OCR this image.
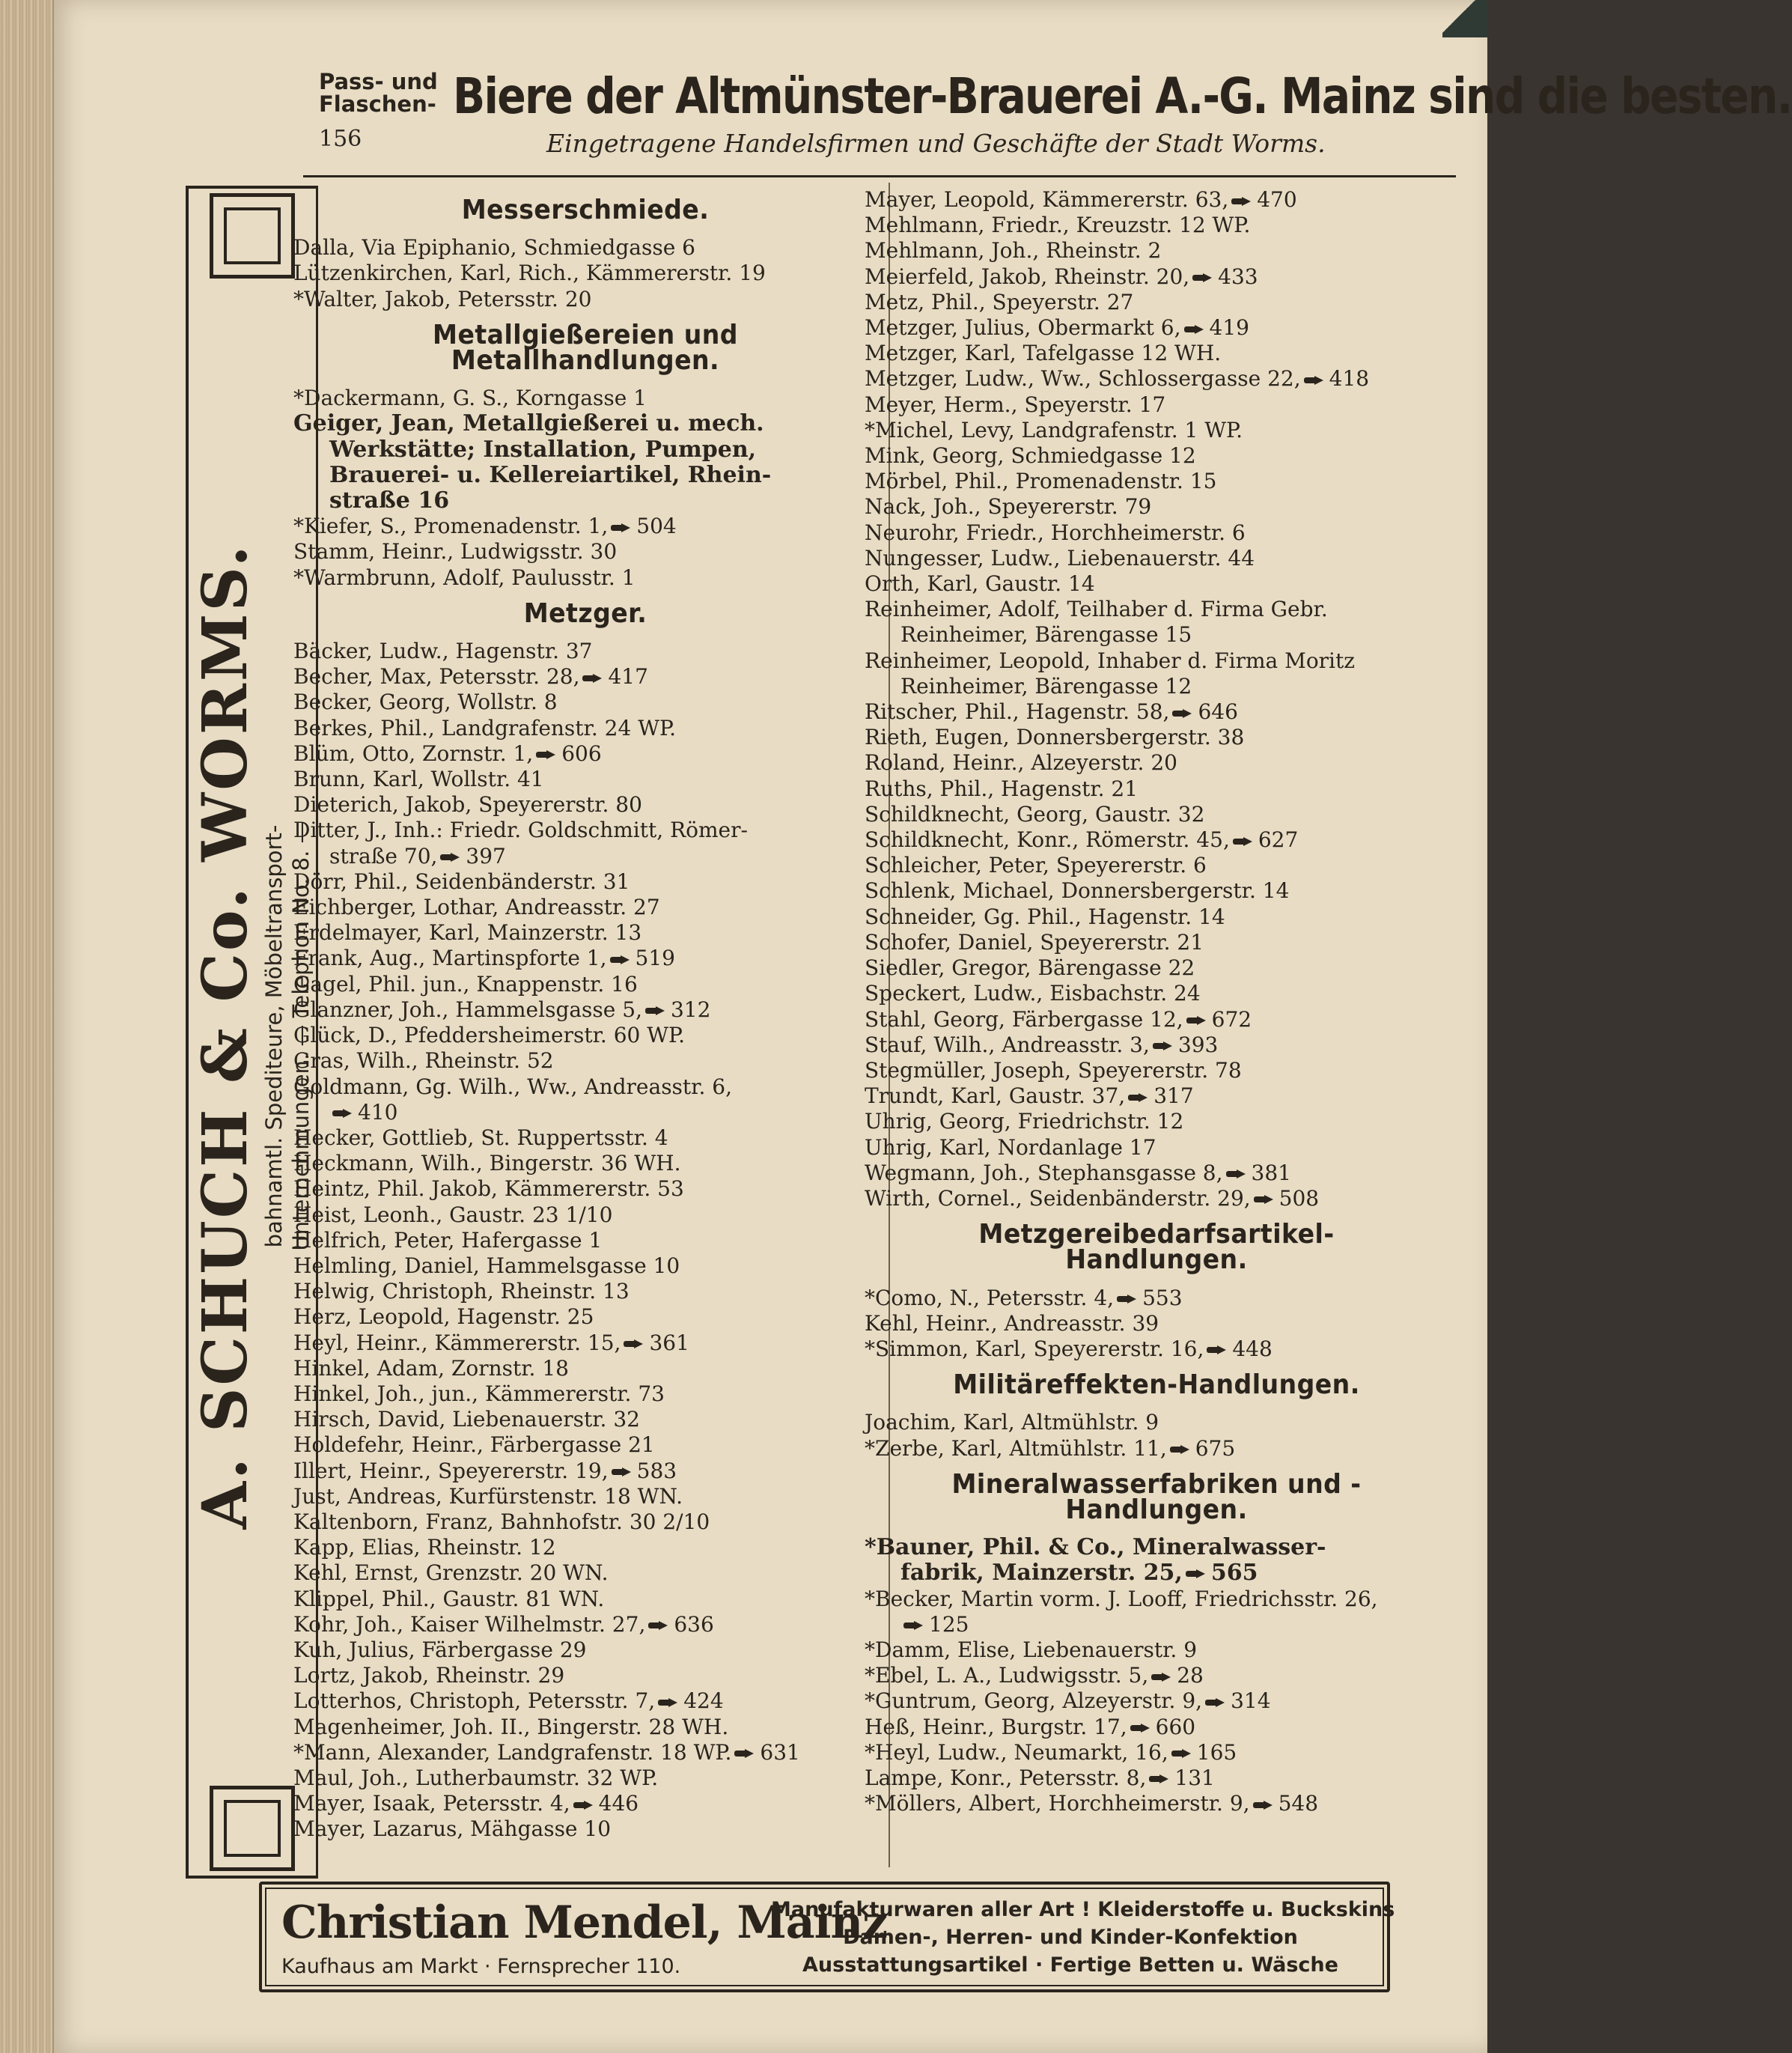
Pass- und Flaschen-
156
Biere der Altmünster-Brauerei A.-G. Mainz sind die besten.
Eingetragene Handelsfirmen und Geschäfte der Stadt Worms.
A. SCHUCH & Co. WORMS. bahnamtl. Spediteure, Möbeltransport- Unternehmungen. — Telephon No. 8. —
Messerschmiede.
Dalla, Via Epiphanio, Schmiedgasse 6
Lützenkirchen, Karl, Rich., Kämmererstr. 19
*Walter, Jakob, Petersstr. 20
Metallgießereien und Metallhandlungen.
*Dackermann, G. S., Korngasse 1
Geiger, Jean, Metallgießerei u. mech.
Werkstätte; Installation, Pumpen,
Brauerei- u. Kellereiartikel, Rhein-
straße 16
*Kiefer, S., Promenadenstr. 1, 504
Stamm, Heinr., Ludwigsstr. 30
*Warmbrunn, Adolf, Paulusstr. 1
Metzger.
Bäcker, Ludw., Hagenstr. 37
Becher, Max, Petersstr. 28, 417
Becker, Georg, Wollstr. 8
Berkes, Phil., Landgrafenstr. 24 WP.
Blüm, Otto, Zornstr. 1, 606
Brunn, Karl, Wollstr. 41
Dieterich, Jakob, Speyererstr. 80
Ditter, J., Inh.: Friedr. Goldschmitt, Römer-
straße 70, 397
Dörr, Phil., Seidenbänderstr. 31
Eichberger, Lothar, Andreasstr. 27
Erdelmayer, Karl, Mainzerstr. 13
Frank, Aug., Martinspforte 1, 519
Gagel, Phil. jun., Knappenstr. 16
Glanzner, Joh., Hammelsgasse 5, 312
Glück, D., Pfeddersheimerstr. 60 WP.
Gras, Wilh., Rheinstr. 52
Goldmann, Gg. Wilh., Ww., Andreasstr. 6,
410
Hecker, Gottlieb, St. Ruppertsstr. 4
Heckmann, Wilh., Bingerstr. 36 WH.
Heintz, Phil. Jakob, Kämmererstr. 53
Heist, Leonh., Gaustr. 23 1/10
Helfrich, Peter, Hafergasse 1
Helmling, Daniel, Hammelsgasse 10
Helwig, Christoph, Rheinstr. 13
Herz, Leopold, Hagenstr. 25
Heyl, Heinr., Kämmererstr. 15, 361
Hinkel, Adam, Zornstr. 18
Hinkel, Joh., jun., Kämmererstr. 73
Hirsch, David, Liebenauerstr. 32
Holdefehr, Heinr., Färbergasse 21
Illert, Heinr., Speyererstr. 19, 583
Just, Andreas, Kurfürstenstr. 18 WN.
Kaltenborn, Franz, Bahnhofstr. 30 2/10
Kapp, Elias, Rheinstr. 12
Kehl, Ernst, Grenzstr. 20 WN.
Klippel, Phil., Gaustr. 81 WN.
Kohr, Joh., Kaiser Wilhelmstr. 27, 636
Kuh, Julius, Färbergasse 29
Lortz, Jakob, Rheinstr. 29
Lotterhos, Christoph, Petersstr. 7, 424
Magenheimer, Joh. II., Bingerstr. 28 WH.
*Mann, Alexander, Landgrafenstr. 18 WP. 631
Maul, Joh., Lutherbaumstr. 32 WP.
Mayer, Isaak, Petersstr. 4, 446
Mayer, Lazarus, Mähgasse 10
Mayer, Leopold, Kämmererstr. 63, 470
Mehlmann, Friedr., Kreuzstr. 12 WP.
Mehlmann, Joh., Rheinstr. 2
Meierfeld, Jakob, Rheinstr. 20, 433
Metz, Phil., Speyerstr. 27
Metzger, Julius, Obermarkt 6, 419
Metzger, Karl, Tafelgasse 12 WH.
Metzger, Ludw., Ww., Schlossergasse 22, 418
Meyer, Herm., Speyerstr. 17
*Michel, Levy, Landgrafenstr. 1 WP.
Mink, Georg, Schmiedgasse 12
Mörbel, Phil., Promenadenstr. 15
Nack, Joh., Speyererstr. 79
Neurohr, Friedr., Horchheimerstr. 6
Nungesser, Ludw., Liebenauerstr. 44
Orth, Karl, Gaustr. 14
Reinheimer, Adolf, Teilhaber d. Firma Gebr.
Reinheimer, Bärengasse 15
Reinheimer, Leopold, Inhaber d. Firma Moritz
Reinheimer, Bärengasse 12
Ritscher, Phil., Hagenstr. 58, 646
Rieth, Eugen, Donnersbergerstr. 38
Roland, Heinr., Alzeyerstr. 20
Ruths, Phil., Hagenstr. 21
Schildknecht, Georg, Gaustr. 32
Schildknecht, Konr., Römerstr. 45, 627
Schleicher, Peter, Speyererstr. 6
Schlenk, Michael, Donnersbergerstr. 14
Schneider, Gg. Phil., Hagenstr. 14
Schofer, Daniel, Speyererstr. 21
Siedler, Gregor, Bärengasse 22
Speckert, Ludw., Eisbachstr. 24
Stahl, Georg, Färbergasse 12, 672
Stauf, Wilh., Andreasstr. 3, 393
Stegmüller, Joseph, Speyererstr. 78
Trundt, Karl, Gaustr. 37, 317
Uhrig, Georg, Friedrichstr. 12
Uhrig, Karl, Nordanlage 17
Wegmann, Joh., Stephansgasse 8, 381
Wirth, Cornel., Seidenbänderstr. 29, 508
Metzgereibedarfsartikel-Handlungen.
*Como, N., Petersstr. 4, 553
Kehl, Heinr., Andreasstr. 39
*Simmon, Karl, Speyererstr. 16, 448
Militäreffekten-Handlungen.
Joachim, Karl, Altmühlstr. 9
*Zerbe, Karl, Altmühlstr. 11, 675
Mineralwasserfabriken und -Handlungen.
*Bauner, Phil. & Co., Mineralwasser-
fabrik, Mainzerstr. 25, 565
*Becker, Martin vorm. J. Looff, Friedrichsstr. 26,
125
*Damm, Elise, Liebenauerstr. 9
*Ebel, L. A., Ludwigsstr. 5, 28
*Guntrum, Georg, Alzeyerstr. 9, 314
Heß, Heinr., Burgstr. 17, 660
*Heyl, Ludw., Neumarkt, 16, 165
Lampe, Konr., Petersstr. 8, 131
*Möllers, Albert, Horchheimerstr. 9, 548
Christian Mendel, Mainz
Kaufhaus am Markt · Fernsprecher 110.
Manufakturwaren aller Art ! Kleiderstoffe u. Buckskins
Damen-, Herren- und Kinder-Konfektion
Ausstattungsartikel · Fertige Betten u. Wäsche
